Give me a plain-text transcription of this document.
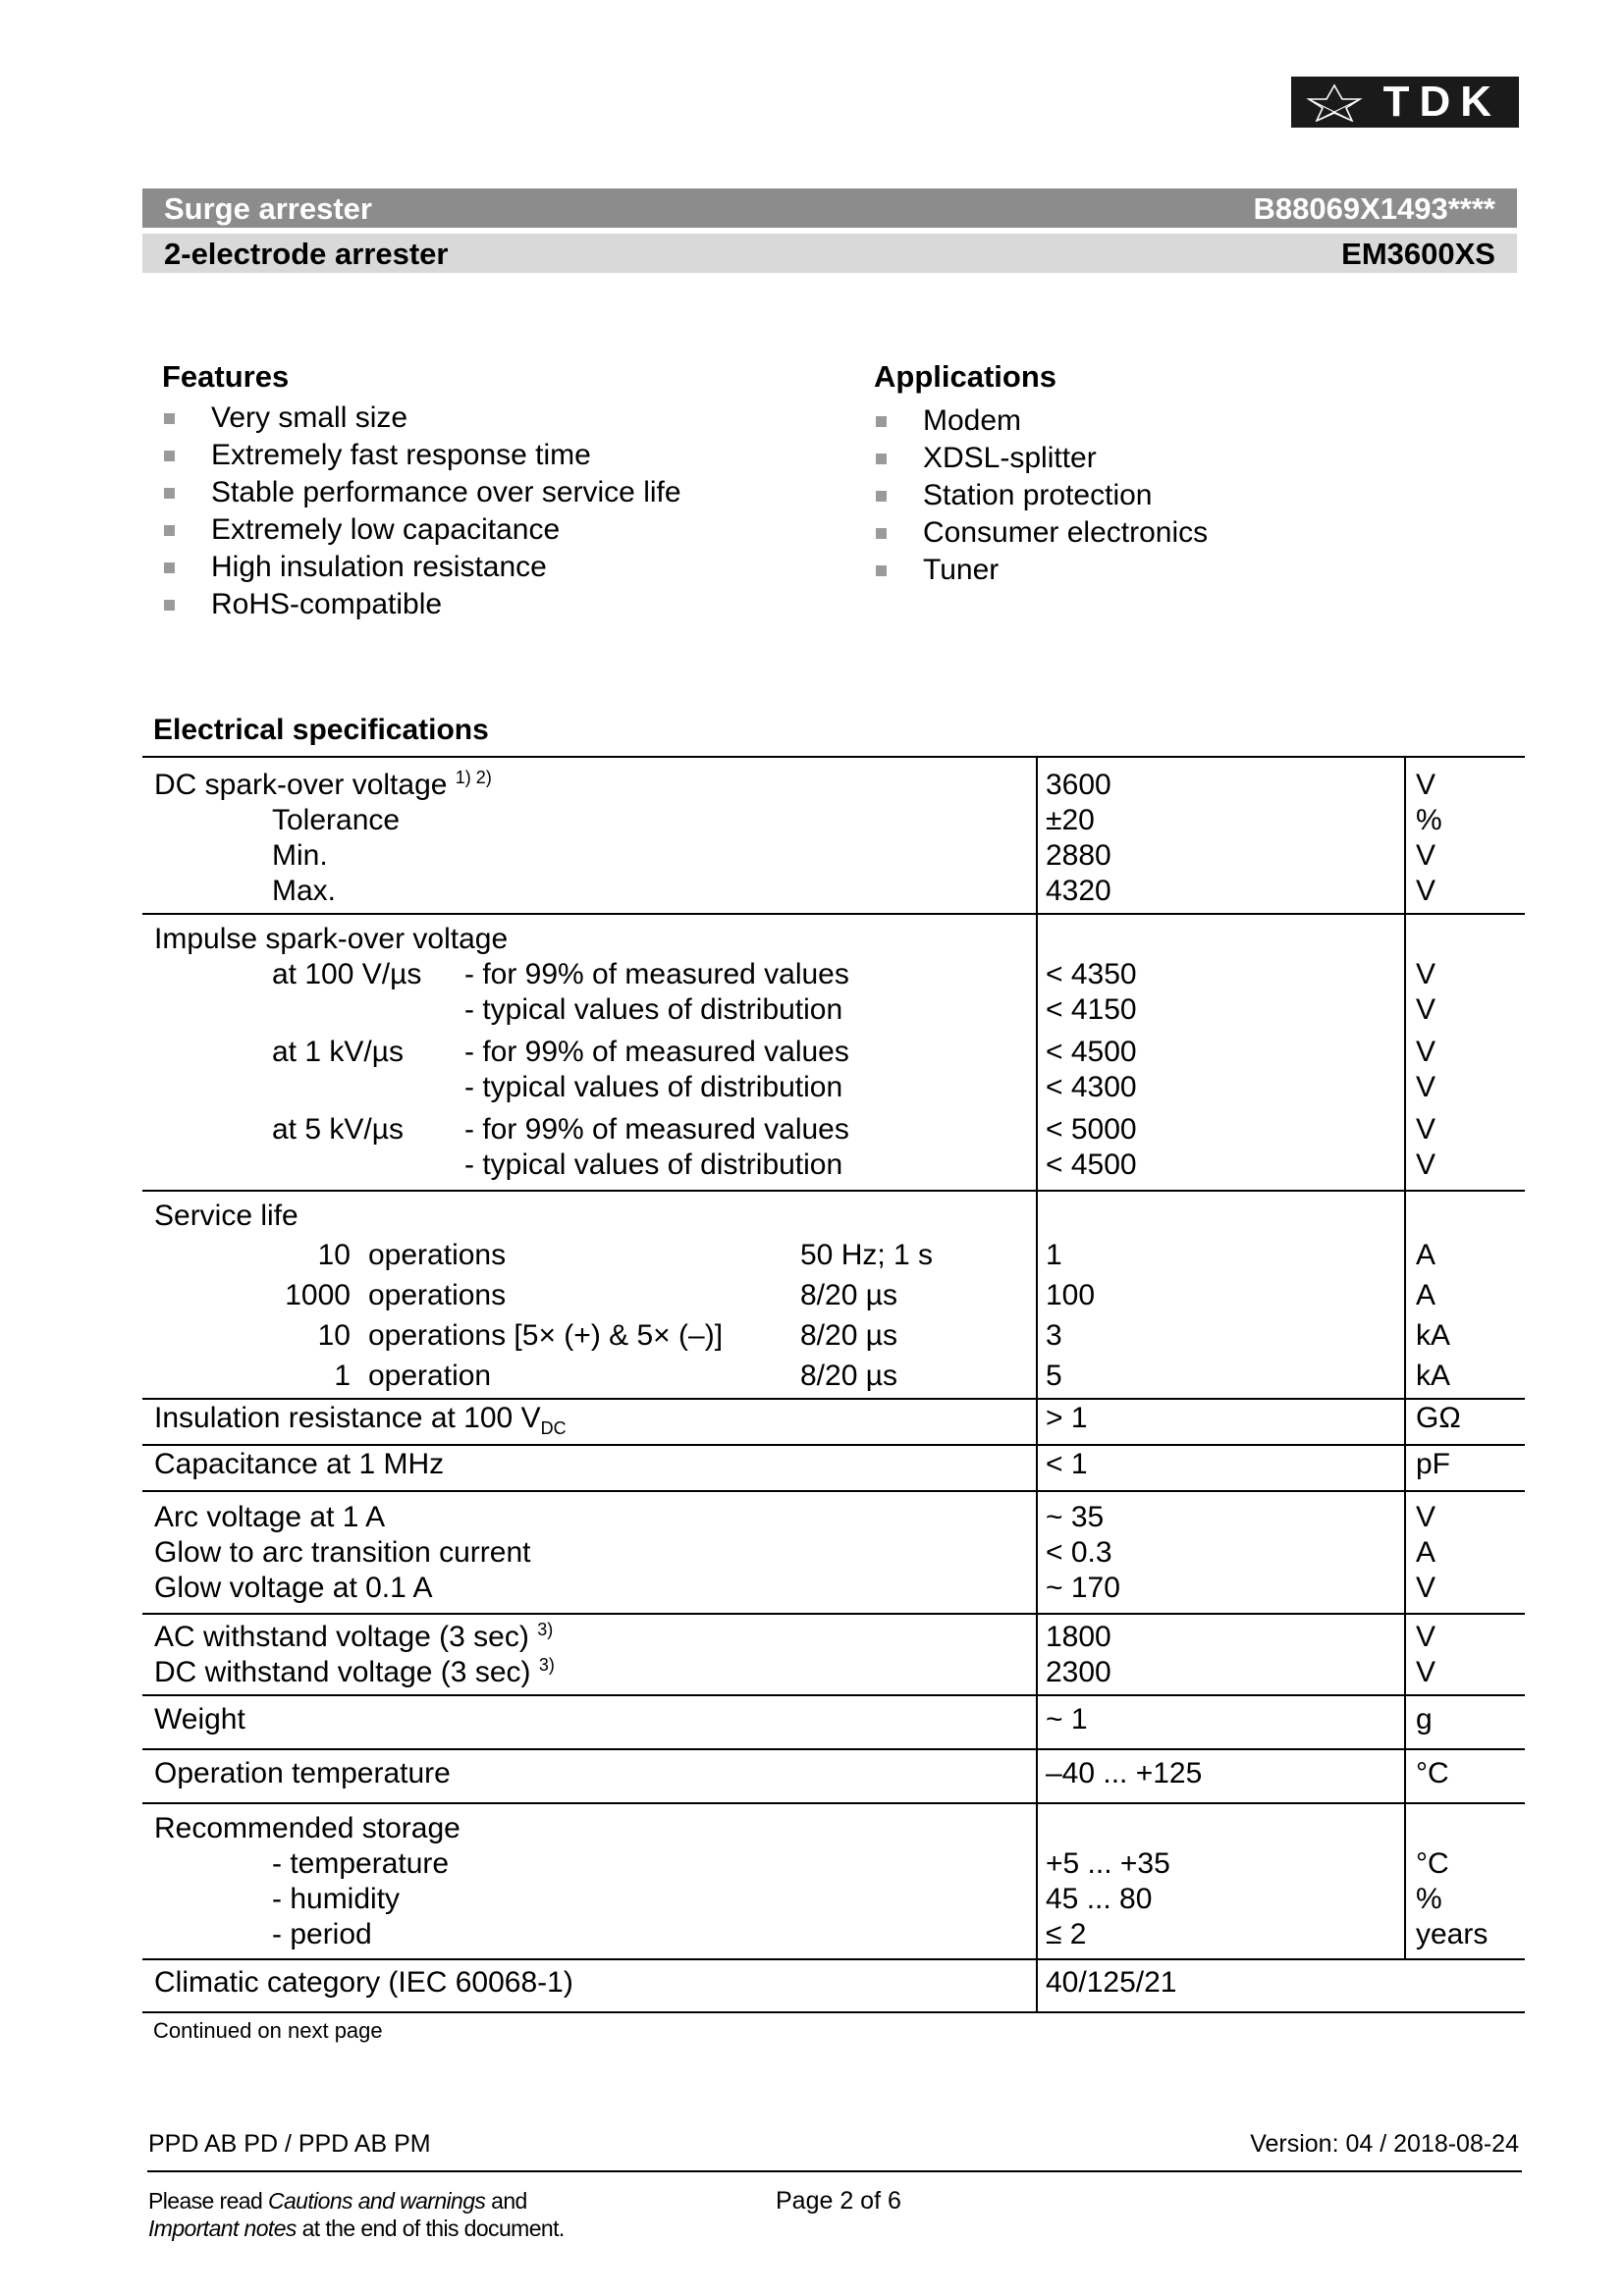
TDK
Surge arrester	B88069X1493****
2-electrode arrester	EM3600XS
Features
Very small size
Extremely fast response time
Stable performance over service life
Extremely low capacitance
High insulation resistance
RoHS-compatible
Applications
Modem
XDSL-splitter
Station protection
Consumer electronics
Tuner
Electrical specifications
DC spark-over voltage $^{1) 2)}$	3600	V
Tolerance	±20	%
Min.	2880	V
Max.	4320	V
Impulse spark-over voltage
at 100 V/µs - for 99% of measured values	< 4350	V
- typical values of distribution	< 4150	V
at 1 kV/µs - for 99% of measured values	< 4500	V
- typical values of distribution	< 4300	V
at 5 kV/µs - for 99% of measured values	< 5000	V
- typical values of distribution	< 4500	V
Service life
10 operations	50 Hz; 1 s	1	A
1000 operations	8/20 µs	100	A
10 operations [5× (+) & 5× (–)]	8/20 µs	3	kA
1 operation	8/20 µs	5	kA
Insulation resistance at 100 $V_{DC}$	> 1	GΩ
Capacitance at 1 MHz	< 1	pF
Arc voltage at 1 A	~ 35	V
Glow to arc transition current	< 0.3	A
Glow voltage at 0.1 A	~ 170	V
AC withstand voltage (3 sec) $^{3)}$	1800	V
DC withstand voltage (3 sec) $^{3)}$	2300	V
Weight	~ 1	g
Operation temperature	–40 ... +125	°C
Recommended storage
- temperature	+5 ... +35	°C
- humidity	45 ... 80	%
- period	≤ 2	years
Climatic category (IEC 60068-1)	40/125/21
Continued on next page
PPD AB PD / PPD AB PM	Version: 04 / 2018-08-24
Please read Cautions and warnings and
Important notes at the end of this document.
Page 2 of 6
